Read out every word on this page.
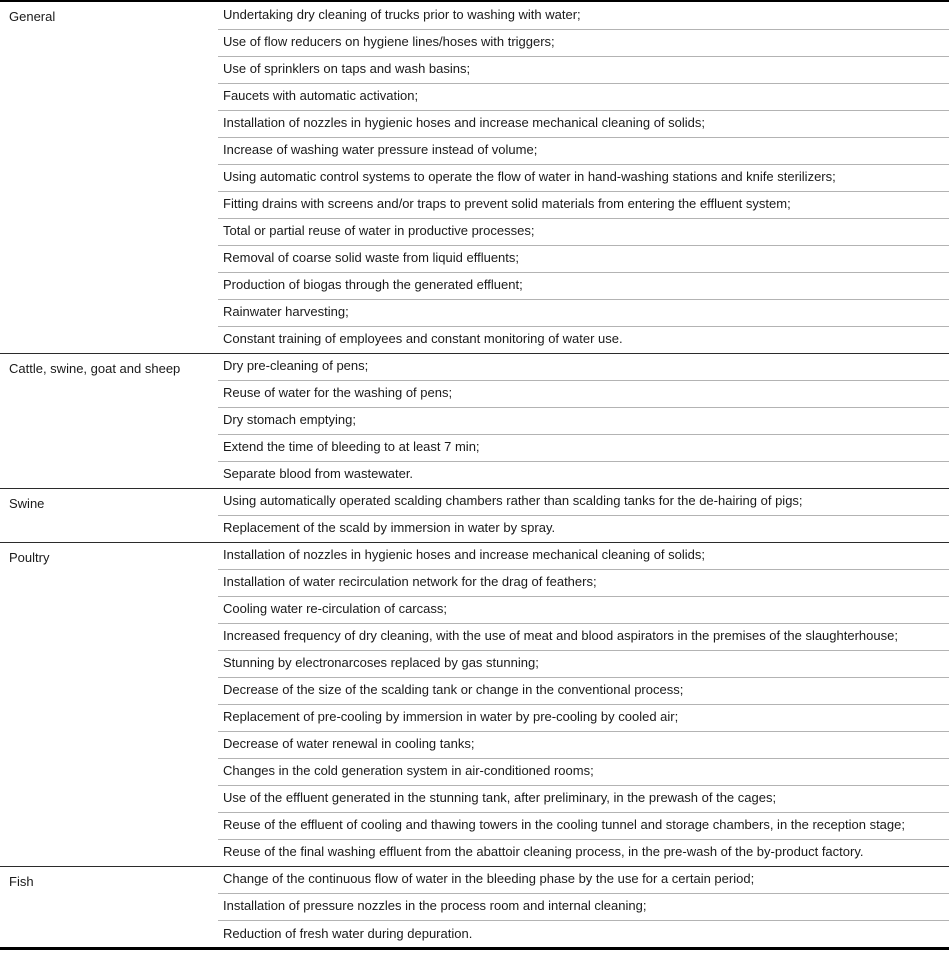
General	Undertaking dry cleaning of trucks prior to washing with water;
	Use of flow reducers on hygiene lines/hoses with triggers;
	Use of sprinklers on taps and wash basins;
	Faucets with automatic activation;
	Installation of nozzles in hygienic hoses and increase mechanical cleaning of solids;
	Increase of washing water pressure instead of volume;
	Using automatic control systems to operate the flow of water in hand-washing stations and knife sterilizers;
	Fitting drains with screens and/or traps to prevent solid materials from entering the effluent system;
	Total or partial reuse of water in productive processes;
	Removal of coarse solid waste from liquid effluents;
	Production of biogas through the generated effluent;
	Rainwater harvesting;
	Constant training of employees and constant monitoring of water use.
Cattle, swine, goat and sheep	Dry pre-cleaning of pens;
	Reuse of water for the washing of pens;
	Dry stomach emptying;
	Extend the time of bleeding to at least 7 min;
	Separate blood from wastewater.
Swine	Using automatically operated scalding chambers rather than scalding tanks for the de-hairing of pigs;
	Replacement of the scald by immersion in water by spray.
Poultry	Installation of nozzles in hygienic hoses and increase mechanical cleaning of solids;
	Installation of water recirculation network for the drag of feathers;
	Cooling water re-circulation of carcass;
	Increased frequency of dry cleaning, with the use of meat and blood aspirators in the premises of the slaughterhouse;
	Stunning by electronarcoses replaced by gas stunning;
	Decrease of the size of the scalding tank or change in the conventional process;
	Replacement of pre-cooling by immersion in water by pre-cooling by cooled air;
	Decrease of water renewal in cooling tanks;
	Changes in the cold generation system in air-conditioned rooms;
	Use of the effluent generated in the stunning tank, after preliminary, in the prewash of the cages;
	Reuse of the effluent of cooling and thawing towers in the cooling tunnel and storage chambers, in the reception stage;
	Reuse of the final washing effluent from the abattoir cleaning process, in the pre-wash of the by-product factory.
Fish	Change of the continuous flow of water in the bleeding phase by the use for a certain period;
	Installation of pressure nozzles in the process room and internal cleaning;
	Reduction of fresh water during depuration.
